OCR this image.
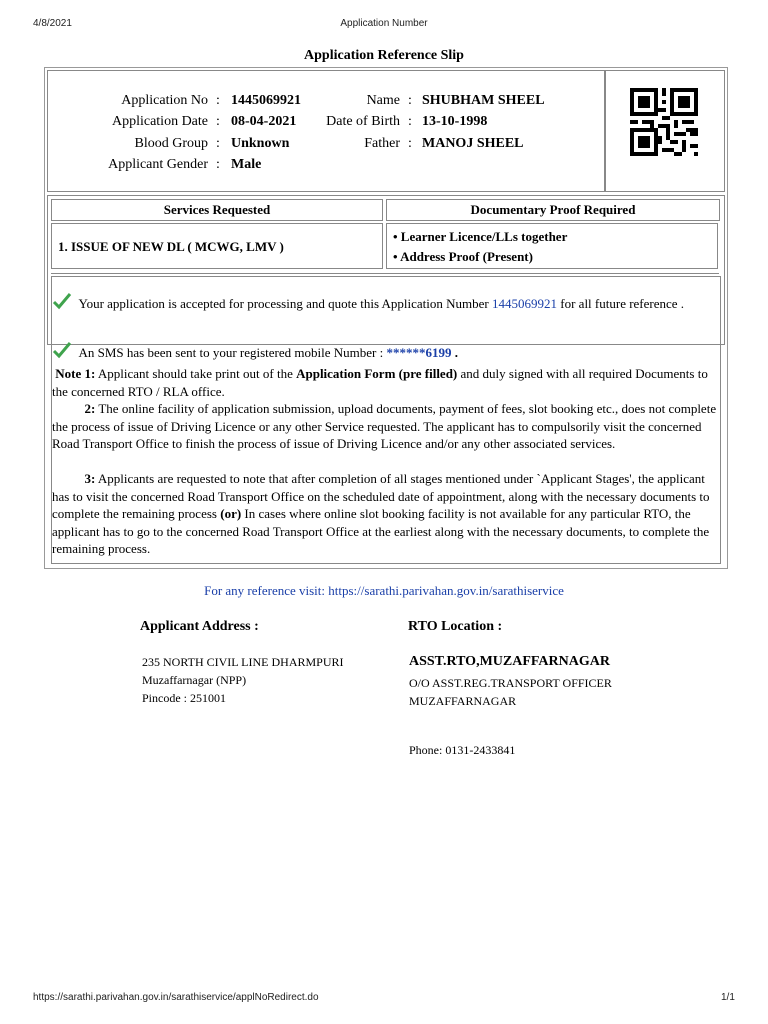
4/8/2021	Application Number
Application Reference Slip
Application No : 1445069921
Application Date : 08-04-2021
Blood Group : Unknown
Applicant Gender : Male
Name : SHUBHAM SHEEL
Date of Birth : 13-10-1998
Father : MANOJ SHEEL
Services Requested	Documentary Proof Required
1. ISSUE OF NEW DL ( MCWG, LMV )
• Learner Licence/LLs together
• Address Proof (Present)
Your application is accepted for processing and quote this Application Number 1445069921 for all future reference .
An SMS has been sent to your registered mobile Number : ******6199 .
Note 1: Applicant should take print out of the Application Form (pre filled) and duly signed with all required Documents to the concerned RTO / RLA office.
2: The online facility of application submission, upload documents, payment of fees, slot booking etc., does not complete the process of issue of Driving Licence or any other Service requested. The applicant has to compulsorily visit the concerned Road Transport Office to finish the process of issue of Driving Licence and/or any other associated services.
3: Applicants are requested to note that after completion of all stages mentioned under `Applicant Stages', the applicant has to visit the concerned Road Transport Office on the scheduled date of appointment, along with the necessary documents to complete the remaining process (or) In cases where online slot booking facility is not available for any particular RTO, the applicant has to go to the concerned Road Transport Office at the earliest along with the necessary documents, to complete the remaining process.
For any reference visit: https://sarathi.parivahan.gov.in/sarathiservice
Applicant Address :
235 NORTH CIVIL LINE DHARMPURI
Muzaffarnagar (NPP)
Pincode : 251001
RTO Location :
ASST.RTO,MUZAFFARNAGAR
O/O ASST.REG.TRANSPORT OFFICER
MUZAFFARNAGAR
Phone: 0131-2433841
https://sarathi.parivahan.gov.in/sarathiservice/applNoRedirect.do	1/1
